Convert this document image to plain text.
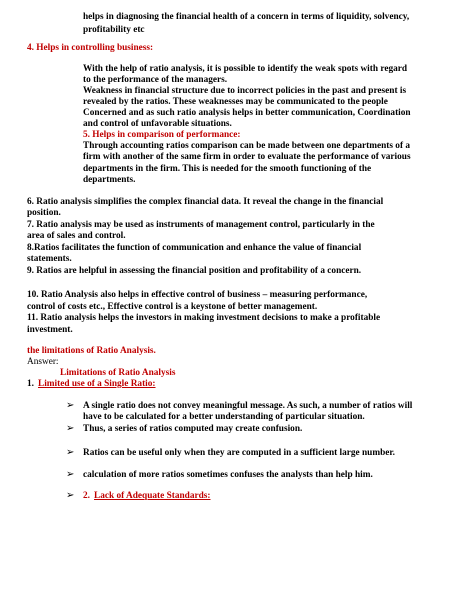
helps in diagnosing the financial health of a concern in terms of liquidity, solvency,
profitability etc
4. Helps in controlling business:
With the help of ratio analysis, it is possible to identify the weak spots with regard
to the performance of the managers.
Weakness in financial structure due to incorrect policies in the past and present is
revealed by the ratios. These weaknesses may be communicated to the people
Concerned and as such ratio analysis helps in better communication, Coordination
and control of unfavorable situations.
5. Helps in comparison of performance:
Through accounting ratios comparison can be made between one departments of a
firm with another of the same firm in order to evaluate the performance of various
departments in the firm. This is needed for the smooth functioning of the
departments.
6. Ratio analysis simplifies the complex financial data. It reveal the change in the financial
position.
7. Ratio analysis may be used as instruments of management control, particularly in the
area of sales and control.
8.Ratios facilitates the function of communication and enhance the value of financial
statements.
9. Ratios are helpful in assessing the financial position and profitability of a concern.
10. Ratio Analysis also helps in effective control of business – measuring performance,
control of costs etc., Effective control is a keystone of better management.
11. Ratio analysis helps the investors in making investment decisions to make a profitable
investment.
the limitations of Ratio Analysis.
Answer:
Limitations of Ratio Analysis
1. Limited use of a Single Ratio:
➢ A single ratio does not convey meaningful message. As such, a number of ratios will
have to be calculated for a better understanding of particular situation.
➢ Thus, a series of ratios computed may create confusion.
➢ Ratios can be useful only when they are computed in a sufficient large number.
➢ calculation of more ratios sometimes confuses the analysts than help him.
➢ 2. Lack of Adequate Standards:
